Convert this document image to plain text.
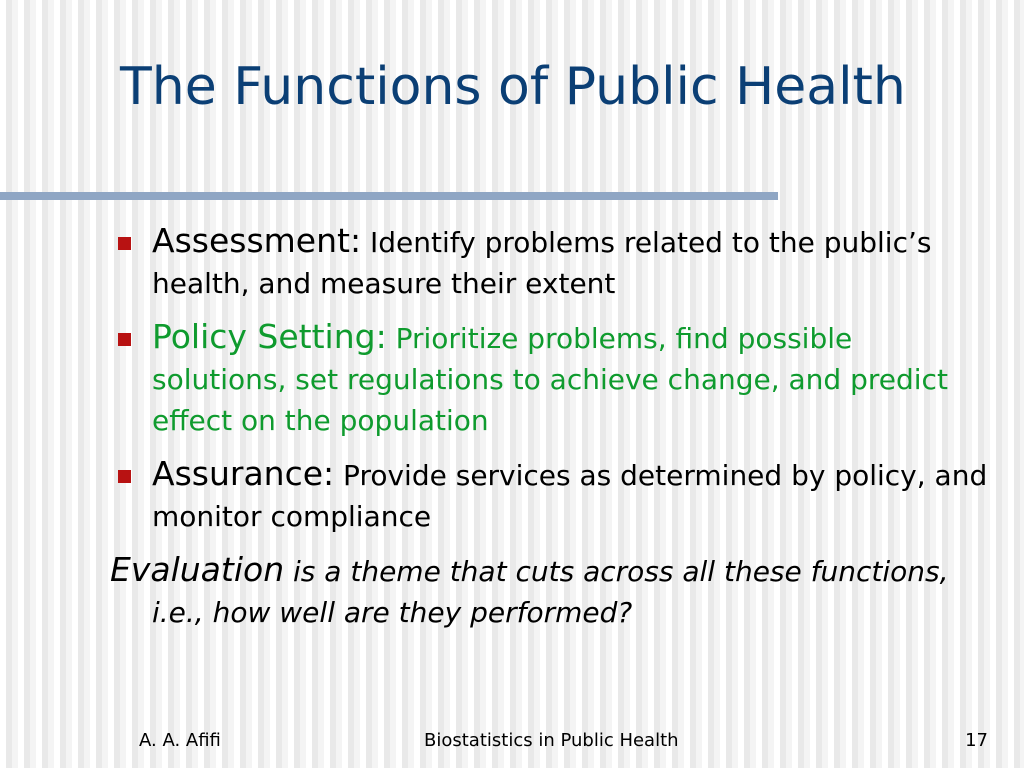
The Functions of Public Health
Assessment: Identify problems related to the public’s health, and measure their extent
Policy Setting: Prioritize problems, find possible solutions, set regulations to achieve change, and predict effect on the population
Assurance: Provide services as determined by policy, and monitor compliance

Evaluation is a theme that cuts across all these functions, i.e., how well are they performed?

A. A. Afifi	Biostatistics in Public Health	17
